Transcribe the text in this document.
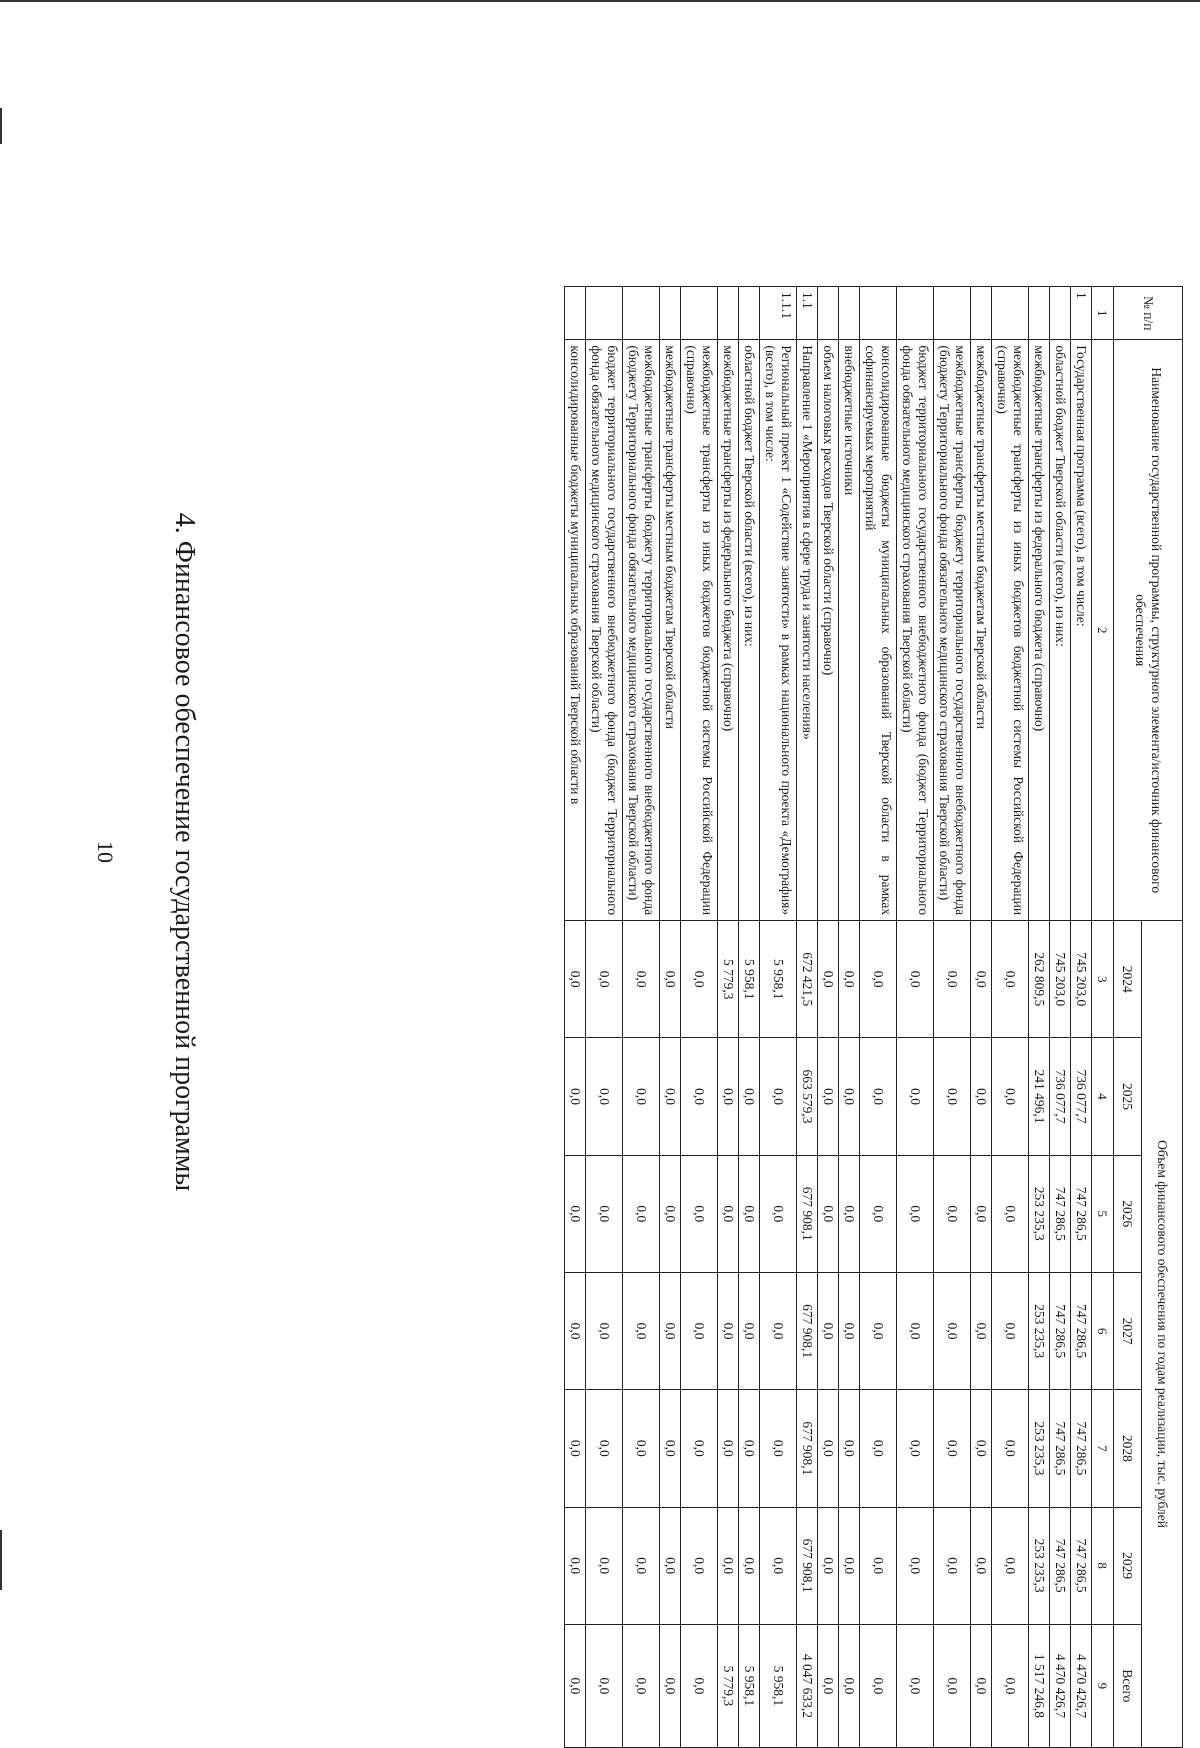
10 4. Финансовое обеспечение государственной программы
№ п/п	Наименование государственной программы, структурного элемента/источник финансового обеспечения	Объем финансового обеспечения по годам реализации, тыс. рублей						
		2024	2025	2026	2027	2028	2029	Всего
1	2	3	4	5	6	7	8	9
1	Государственная программа (всего), в том числе:	745 203,0	736 077,7	747 286,5	747 286,5	747 286,5	747 286,5	4 470 426,7
	областной бюджет Тверской области (всего), из них:	745 203,0	736 077,7	747 286,5	747 286,5	747 286,5	747 286,5	4 470 426,7
	межбюджетные трансферты из федерального бюджета (справочно)	262 809,5	241 496,1	253 235,3	253 235,3	253 235,3	253 235,3	1 517 246,8
	межбюджетные трансферты из иных бюджетов бюджетной системы Российской Федерации (справочно)	0,0	0,0	0,0	0,0	0,0	0,0	0,0
	межбюджетные трансферты местным бюджетам Тверской области	0,0	0,0	0,0	0,0	0,0	0,0	0,0
	межбюджетные трансферты бюджету территориального государственного внебюджетного фонда (бюджету Территориального фонда обязательного медицинского страхования Тверской области)	0,0	0,0	0,0	0,0	0,0	0,0	0,0
	бюджет территориального государственного внебюджетного фонда (бюджет Территориального фонда обязательного медицинского страхования Тверской области)	0,0	0,0	0,0	0,0	0,0	0,0	0,0
	консолидированные бюджеты муниципальных образований Тверской области в рамках софинансируемых мероприятий	0,0	0,0	0,0	0,0	0,0	0,0	0,0
	внебюджетные источники	0,0	0,0	0,0	0,0	0,0	0,0	0,0
	объем налоговых расходов Тверской области (справочно)	0,0	0,0	0,0	0,0	0,0	0,0	0,0
1.1	Направление 1 «Мероприятия в сфере труда и занятости населения»	672 421,5	663 579,3	677 908,1	677 908,1	677 908,1	677 908,1	4 047 633,2
1.1.1	Региональный проект 1 «Содействие занятости» в рамках национального проекта «Демография» (всего), в том числе:	5 958,1	0,0	0,0	0,0	0,0	0,0	5 958,1
	областной бюджет Тверской области (всего), из них:	5 958,1	0,0	0,0	0,0	0,0	0,0	5 958,1
	межбюджетные трансферты из федерального бюджета (справочно)	5 779,3	0,0	0,0	0,0	0,0	0,0	5 779,3
	межбюджетные трансферты из иных бюджетов бюджетной системы Российской Федерации (справочно)	0,0	0,0	0,0	0,0	0,0	0,0	0,0
	межбюджетные трансферты местным бюджетам Тверской области	0,0	0,0	0,0	0,0	0,0	0,0	0,0
	межбюджетные трансферты бюджету территориального государственного внебюджетного фонда (бюджету Территориального фонда обязательного медицинского страхования Тверской области)	0,0	0,0	0,0	0,0	0,0	0,0	0,0
	бюджет территориального государственного внебюджетного фонда (бюджет Территориального фонда обязательного медицинского страхования Тверской области)	0,0	0,0	0,0	0,0	0,0	0,0	0,0
	консолидированные бюджеты муниципальных образований Тверской области в	0,0	0,0	0,0	0,0	0,0	0,0	0,0
